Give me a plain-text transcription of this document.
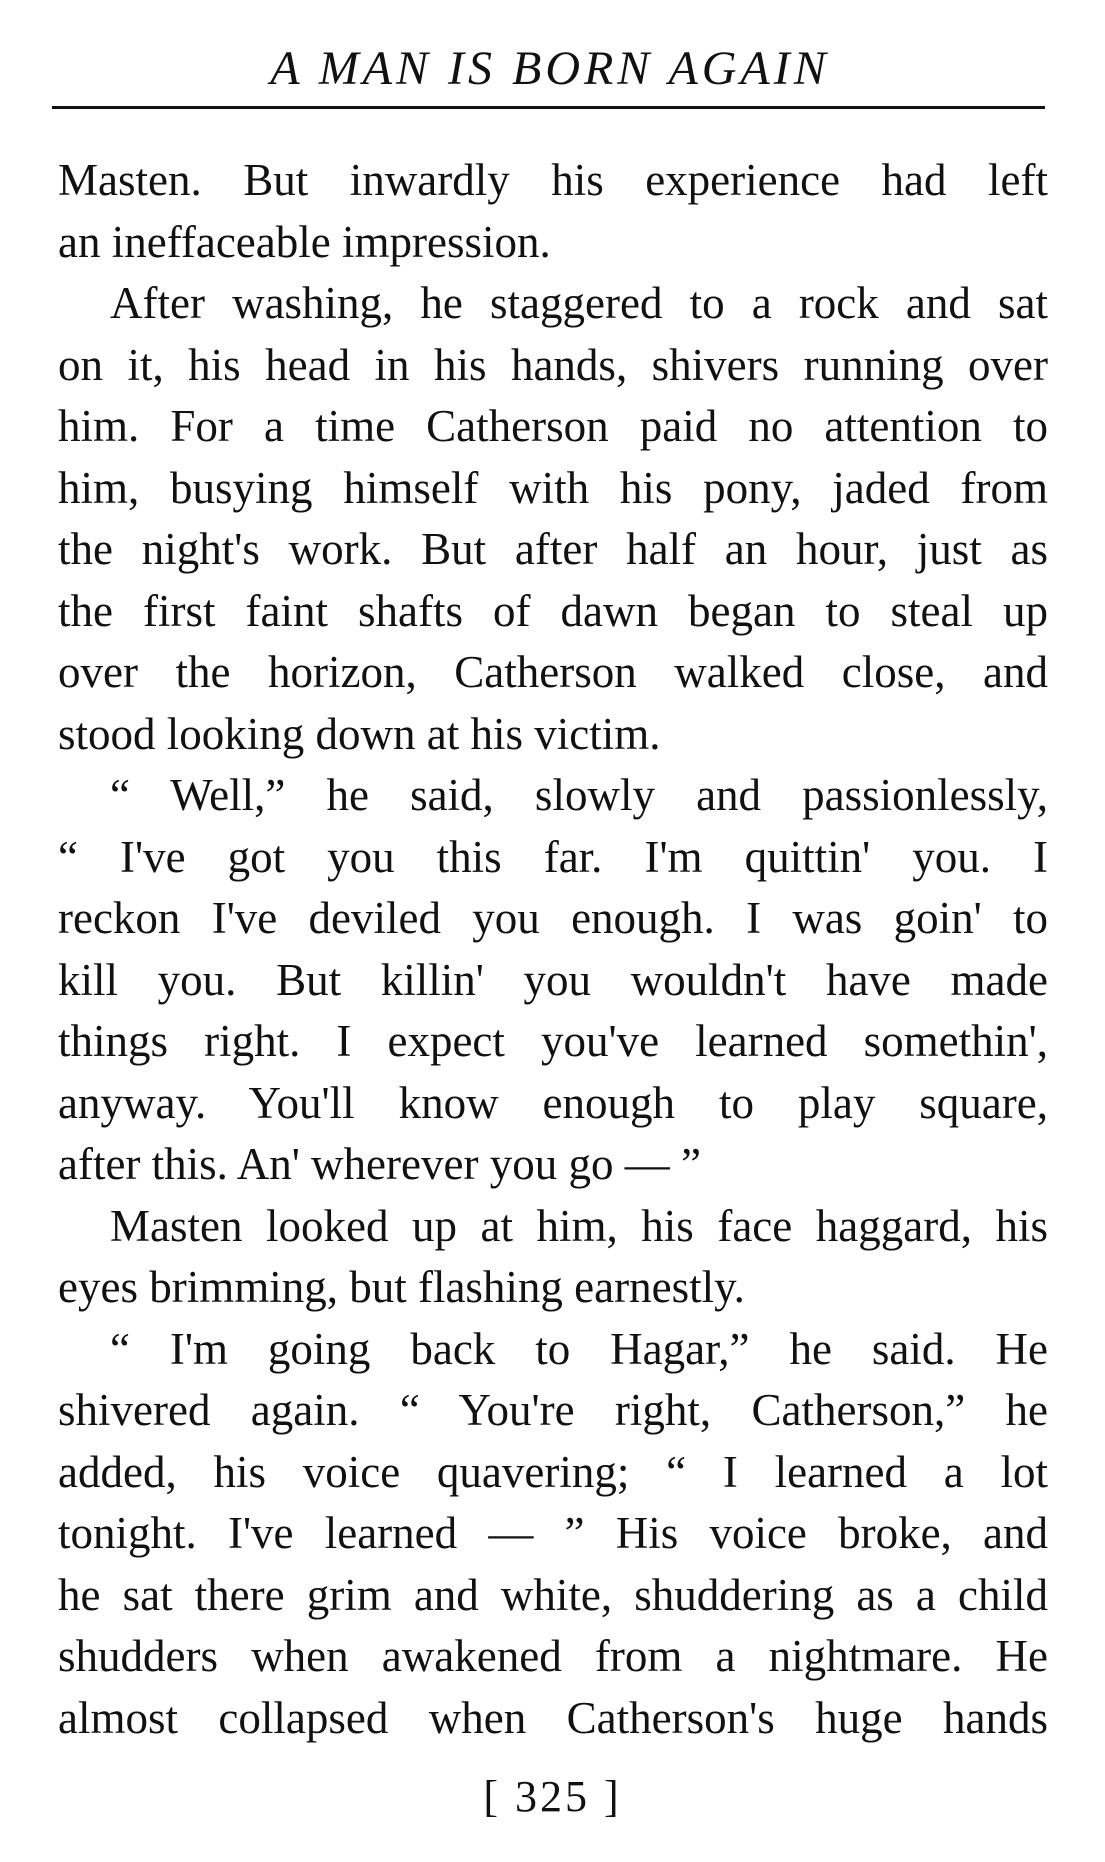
A MAN IS BORN AGAIN
Masten. But inwardly his experience had left
an ineffaceable impression.
After washing, he staggered to a rock and sat
on it, his head in his hands, shivers running over
him. For a time Catherson paid no attention to
him, busying himself with his pony, jaded from
the night's work. But after half an hour, just as
the first faint shafts of dawn began to steal up
over the horizon, Catherson walked close, and
stood looking down at his victim.
“ Well,” he said, slowly and passionlessly,
“ I've got you this far. I'm quittin' you. I
reckon I've deviled you enough. I was goin' to
kill you. But killin' you wouldn't have made
things right. I expect you've learned somethin',
anyway. You'll know enough to play square,
after this. An' wherever you go — ”
Masten looked up at him, his face haggard, his
eyes brimming, but flashing earnestly.
“ I'm going back to Hagar,” he said. He
shivered again. “ You're right, Catherson,” he
added, his voice quavering; “ I learned a lot
tonight. I've learned — ” His voice broke, and
he sat there grim and white, shuddering as a child
shudders when awakened from a nightmare. He
almost collapsed when Catherson's huge hands
[ 325 ]
